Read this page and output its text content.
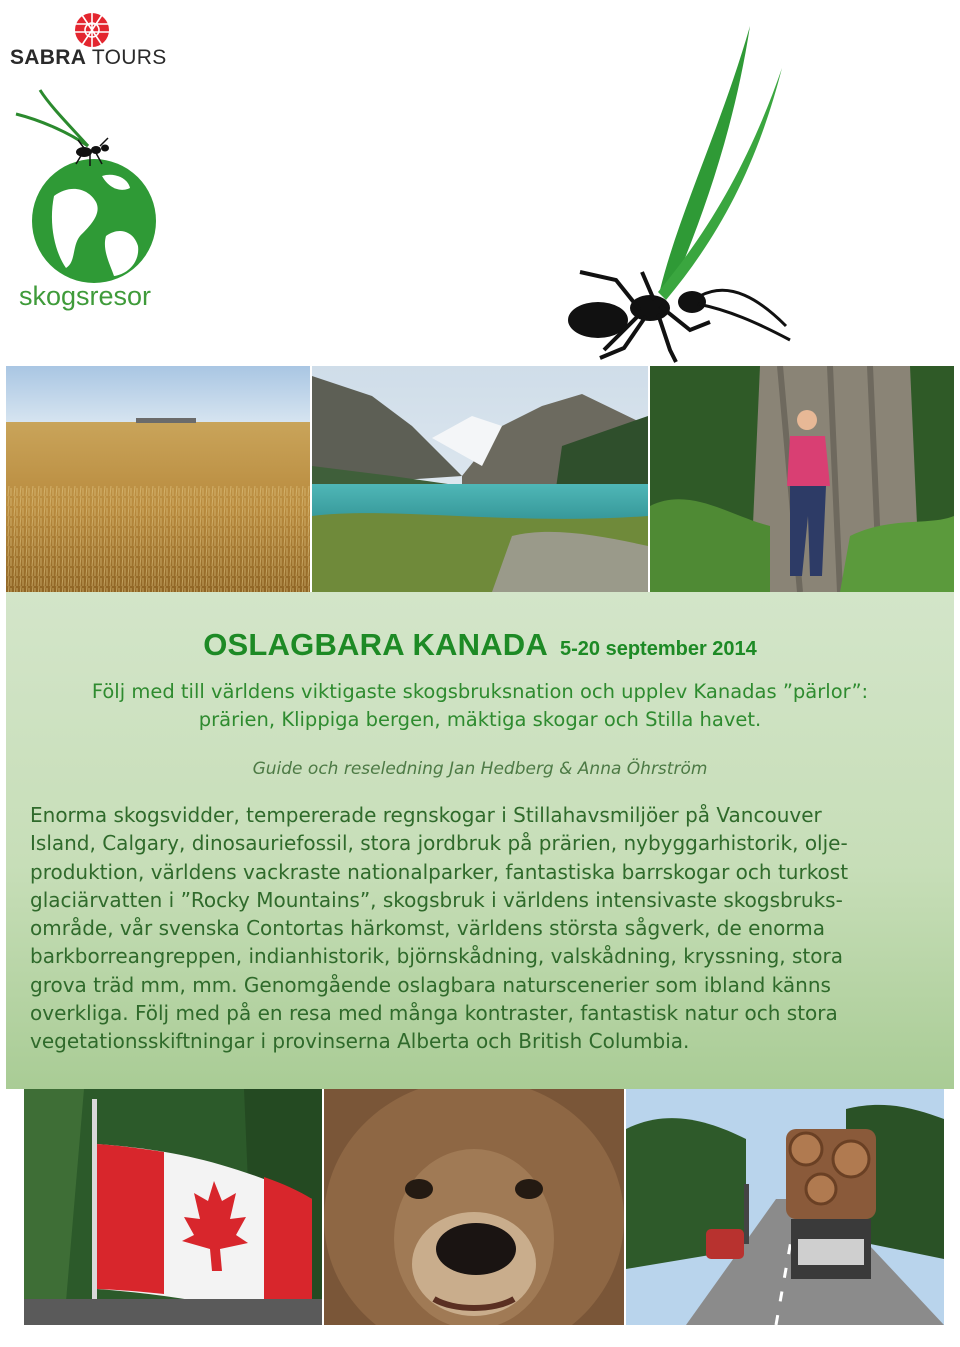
SABRA TOURS
skogsresor
OSLAGBARA KANADA 5-20 september 2014
Följ med till världens viktigaste skogsbruksnation och upplev Kanadas ”pärlor”:
prärien, Klippiga bergen, mäktiga skogar och Stilla havet.
Guide och reseledning Jan Hedberg & Anna Öhrström
Enorma skogsvidder, tempererade regnskogar i Stillahavsmiljöer på Vancouver
Island, Calgary, dinosauriefossil, stora jordbruk på prärien, nybyggarhistorik, olje-
produktion, världens vackraste nationalparker, fantastiska barrskogar och turkost
glaciärvatten i ”Rocky Mountains”, skogsbruk i världens intensivaste skogsbruks-
område, vår svenska Contortas härkomst, världens största sågverk, de enorma
barkborreangreppen, indianhistorik, björnskådning, valskådning, kryssning, stora
grova träd mm, mm. Genomgående oslagbara naturscenerier som ibland känns
overkliga. Följ med på en resa med många kontraster, fantastisk natur och stora
vegetationsskiftningar i provinserna Alberta och British Columbia.
